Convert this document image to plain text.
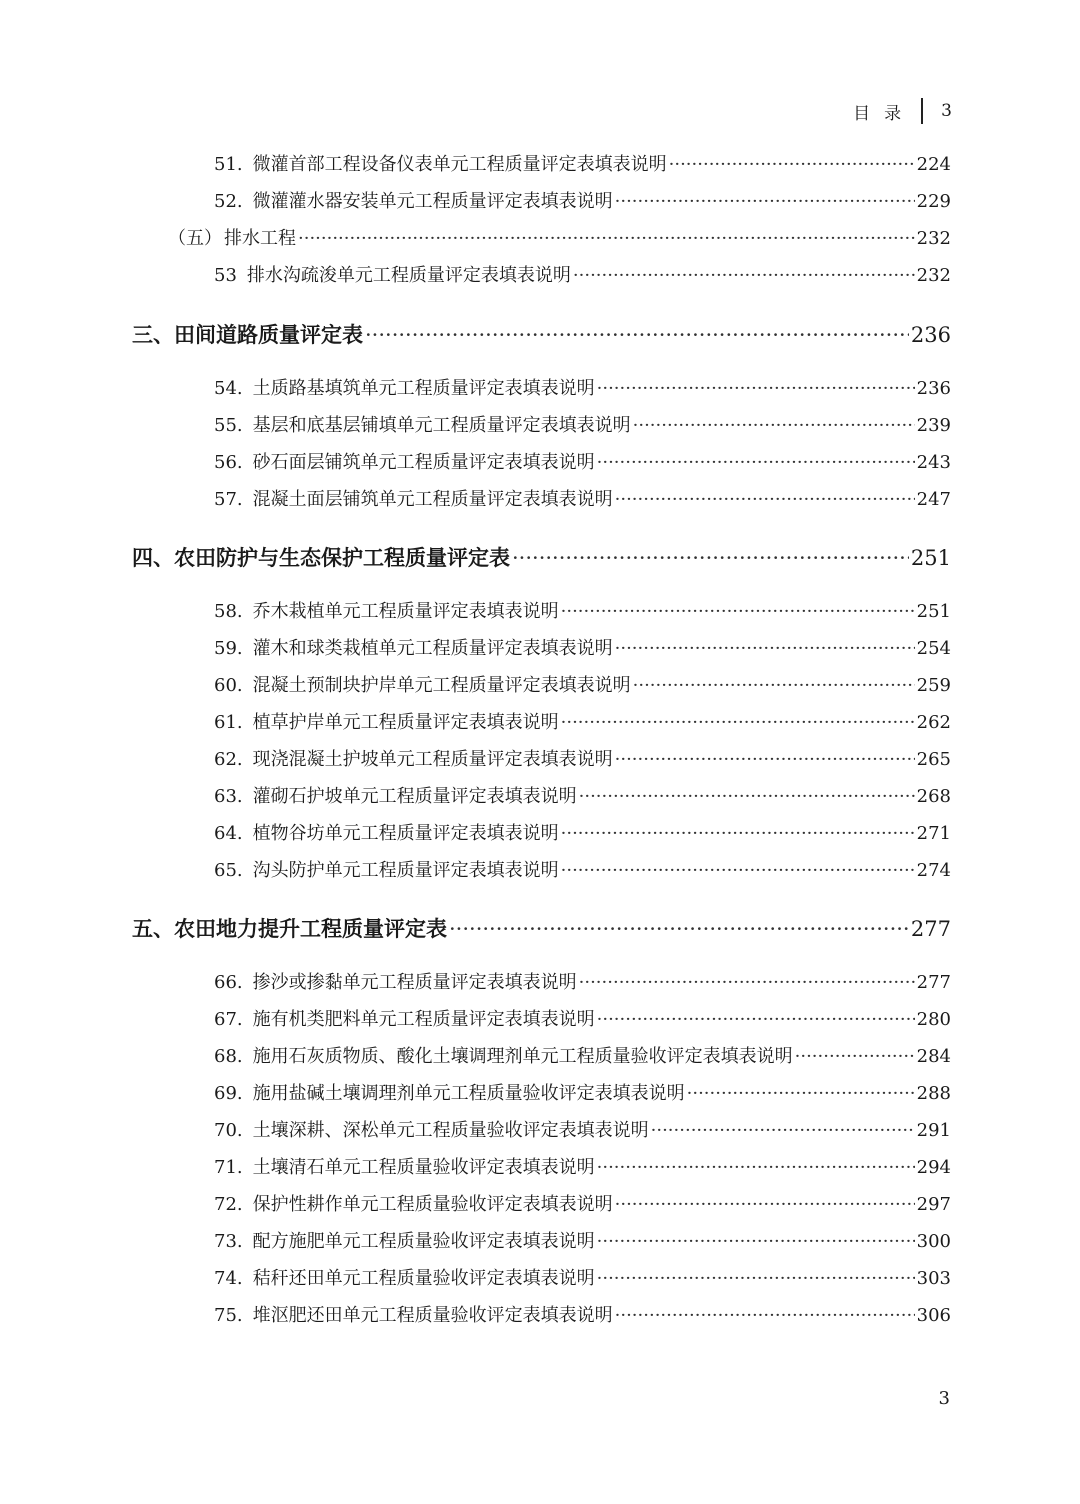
目录 3
51. 微灌首部工程设备仪表单元工程质量评定表填表说明 ·····	224
52. 微灌灌水器安装单元工程质量评定表填表说明 ·····	229
（五） 排水工程 ·····	232
53 排水沟疏浚单元工程质量评定表填表说明 ·····	232
三、 田间道路质量评定表 ·····	236
54. 土质路基填筑单元工程质量评定表填表说明 ·····	236
55. 基层和底基层铺填单元工程质量评定表填表说明 ·····	239
56. 砂石面层铺筑单元工程质量评定表填表说明 ·····	243
57. 混凝土面层铺筑单元工程质量评定表填表说明 ·····	247
四、 农田防护与生态保护工程质量评定表 ·····	251
58. 乔木栽植单元工程质量评定表填表说明 ·····	251
59. 灌木和球类栽植单元工程质量评定表填表说明 ·····	254
60. 混凝土预制块护岸单元工程质量评定表填表说明 ·····	259
61. 植草护岸单元工程质量评定表填表说明 ·····	262
62. 现浇混凝土护坡单元工程质量评定表填表说明 ·····	265
63. 灌砌石护坡单元工程质量评定表填表说明 ·····	268
64. 植物谷坊单元工程质量评定表填表说明 ·····	271
65. 沟头防护单元工程质量评定表填表说明 ·····	274
五、 农田地力提升工程质量评定表 ·····	277
66. 掺沙或掺黏单元工程质量评定表填表说明 ·····	277
67. 施有机类肥料单元工程质量评定表填表说明 ·····	280
68. 施用石灰质物质、酸化土壤调理剂单元工程质量验收评定表填表说明 ·····	284
69. 施用盐碱土壤调理剂单元工程质量验收评定表填表说明 ·····	288
70. 土壤深耕、深松单元工程质量验收评定表填表说明 ·····	291
71. 土壤清石单元工程质量验收评定表填表说明 ·····	294
72. 保护性耕作单元工程质量验收评定表填表说明 ·····	297
73. 配方施肥单元工程质量验收评定表填表说明 ·····	300
74. 秸秆还田单元工程质量验收评定表填表说明 ·····	303
75. 堆沤肥还田单元工程质量验收评定表填表说明 ·····	306
3
